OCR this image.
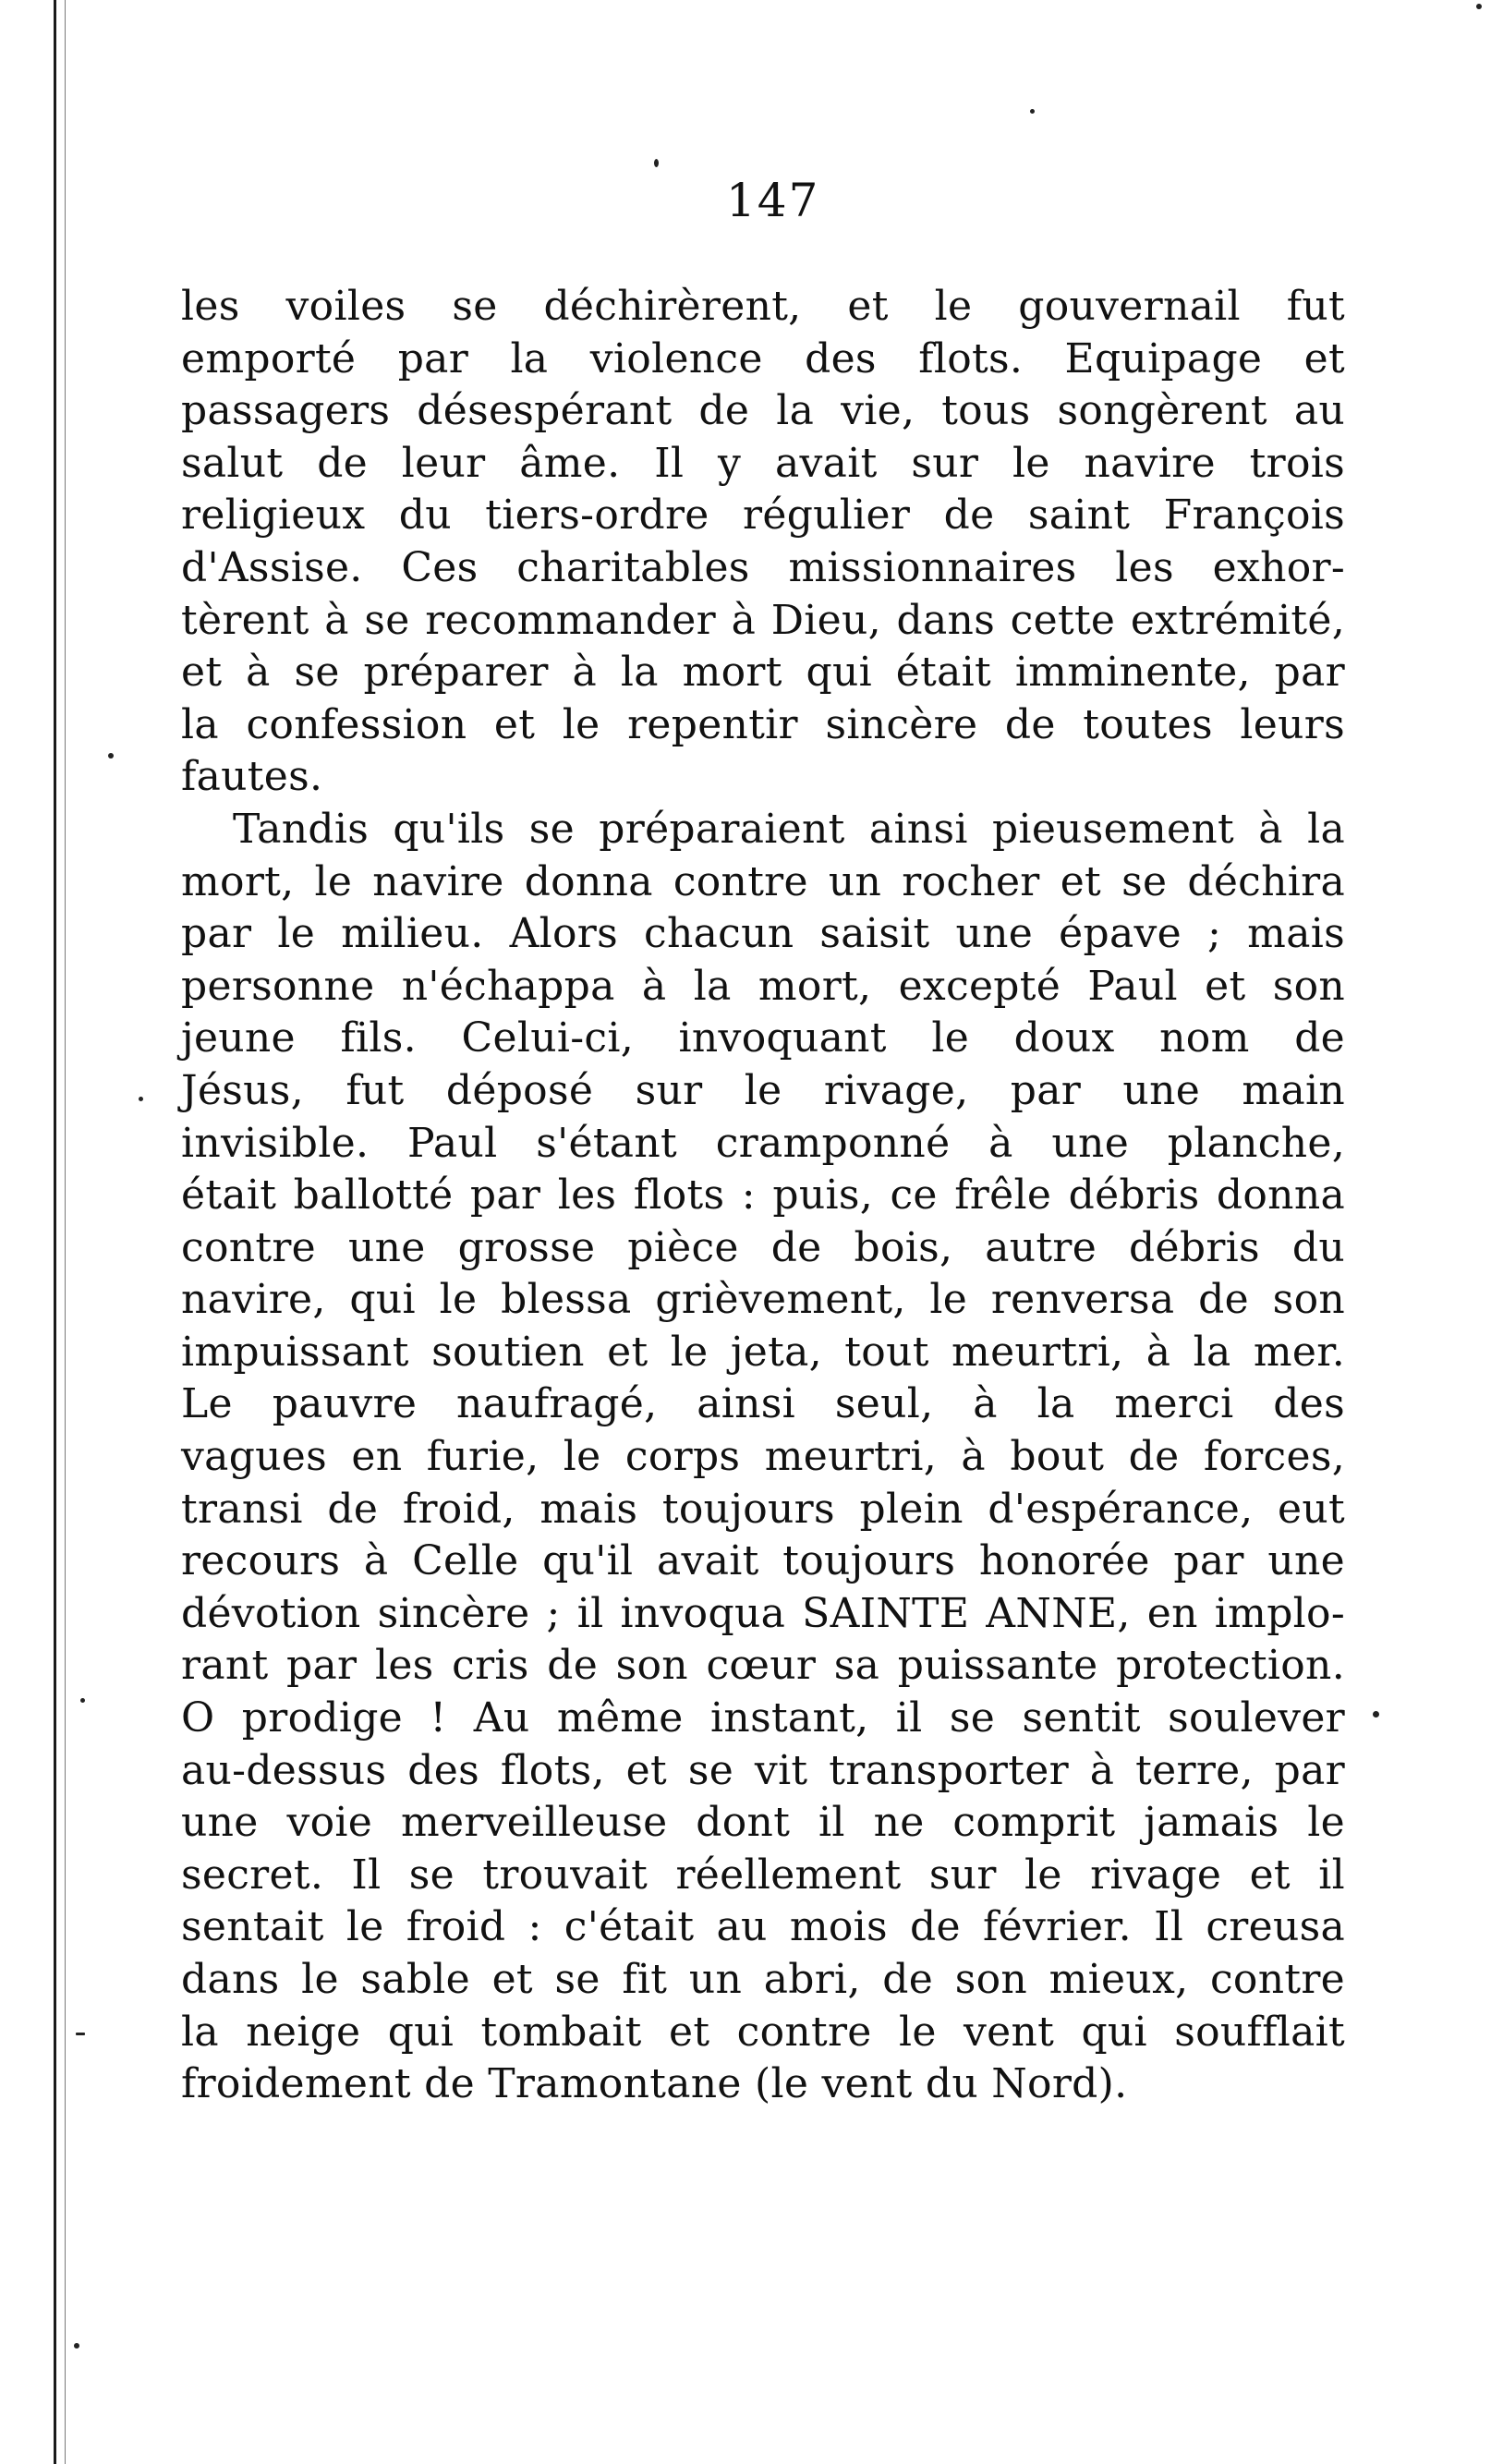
147
les voiles se déchirèrent, et le gouvernail fut
emporté par la violence des flots. Equipage et
passagers désespérant de la vie, tous songèrent au
salut de leur âme. Il y avait sur le navire trois
religieux du tiers-ordre régulier de saint François
d'Assise. Ces charitables missionnaires les exhor-
tèrent à se recommander à Dieu, dans cette extrémité,
et à se préparer à la mort qui était imminente, par
la confession et le repentir sincère de toutes leurs
fautes.
Tandis qu'ils se préparaient ainsi pieusement à la
mort, le navire donna contre un rocher et se déchira
par le milieu. Alors chacun saisit une épave ; mais
personne n'échappa à la mort, excepté Paul et son
jeune fils. Celui-ci, invoquant le doux nom de
Jésus, fut déposé sur le rivage, par une main
invisible. Paul s'étant cramponné à une planche,
était ballotté par les flots : puis, ce frêle débris donna
contre une grosse pièce de bois, autre débris du
navire, qui le blessa grièvement, le renversa de son
impuissant soutien et le jeta, tout meurtri, à la mer.
Le pauvre naufragé, ainsi seul, à la merci des
vagues en furie, le corps meurtri, à bout de forces,
transi de froid, mais toujours plein d'espérance, eut
recours à Celle qu'il avait toujours honorée par une
dévotion sincère ; il invoqua SAINTE ANNE, en implo-
rant par les cris de son cœur sa puissante protection.
O prodige ! Au même instant, il se sentit soulever
au-dessus des flots, et se vit transporter à terre, par
une voie merveilleuse dont il ne comprit jamais le
secret. Il se trouvait réellement sur le rivage et il
sentait le froid : c'était au mois de février. Il creusa
dans le sable et se fit un abri, de son mieux, contre
la neige qui tombait et contre le vent qui soufflait
froidement de Tramontane (le vent du Nord).
